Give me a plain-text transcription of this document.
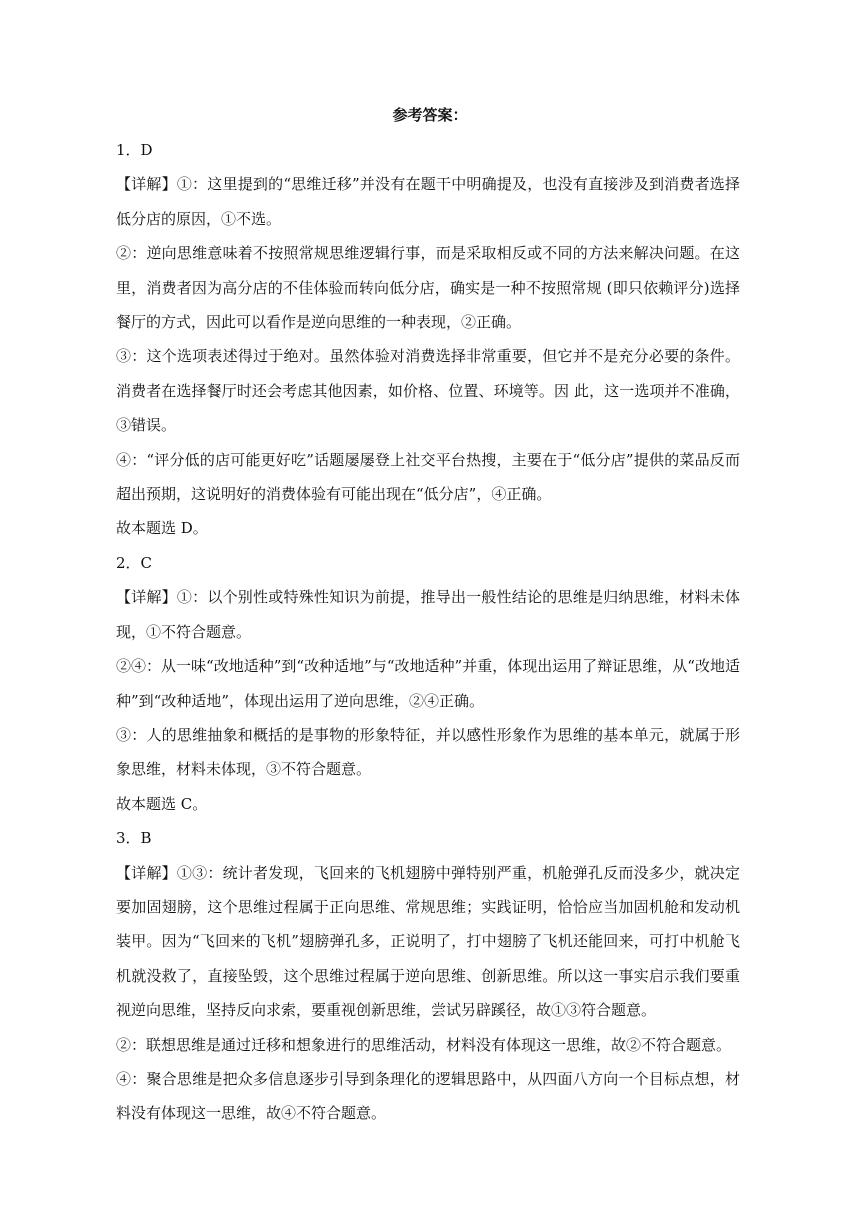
参考答案：

1．D

【详解】①：这里提到的“思维迁移”并没有在题干中明确提及，也没有直接涉及到消费者选择低分店的原因，①不选。

②：逆向思维意味着不按照常规思维逻辑行事，而是采取相反或不同的方法来解决问题。在这里，消费者因为高分店的不佳体验而转向低分店，确实是一种不按照常规 (即只依赖评分)选择餐厅的方式，因此可以看作是逆向思维的一种表现，②正确。

③：这个选项表述得过于绝对。虽然体验对消费选择非常重要，但它并不是充分必要的条件。消费者在选择餐厅时还会考虑其他因素，如价格、位置、环境等。因 此，这一选项并不准确，③错误。

④：“评分低的店可能更好吃”话题屡屡登上社交平台热搜，主要在于“低分店”提供的菜品反而超出预期，这说明好的消费体验有可能出现在“低分店”，④正确。

故本题选 D。

2．C

【详解】①：以个别性或特殊性知识为前提，推导出一般性结论的思维是归纳思维，材料未体现，①不符合题意。

②④：从一味“改地适种”到“改种适地”与“改地适种”并重，体现出运用了辩证思维，从“改地适种”到“改种适地”，体现出运用了逆向思维，②④正确。

③：人的思维抽象和概括的是事物的形象特征，并以感性形象作为思维的基本单元，就属于形象思维，材料未体现，③不符合题意。

故本题选 C。

3．B

【详解】①③：统计者发现，飞回来的飞机翅膀中弹特别严重，机舱弹孔反而没多少，就决定要加固翅膀，这个思维过程属于正向思维、常规思维；实践证明，恰恰应当加固机舱和发动机装甲。因为“飞回来的飞机”翅膀弹孔多，正说明了，打中翅膀了飞机还能回来，可打中机舱飞机就没救了，直接坠毁，这个思维过程属于逆向思维、创新思维。所以这一事实启示我们要重视逆向思维，坚持反向求索，要重视创新思维，尝试另辟蹊径，故①③符合题意。

②：联想思维是通过迁移和想象进行的思维活动，材料没有体现这一思维，故②不符合题意。

④：聚合思维是把众多信息逐步引导到条理化的逻辑思路中，从四面八方向一个目标点想，材料没有体现这一思维，故④不符合题意。
